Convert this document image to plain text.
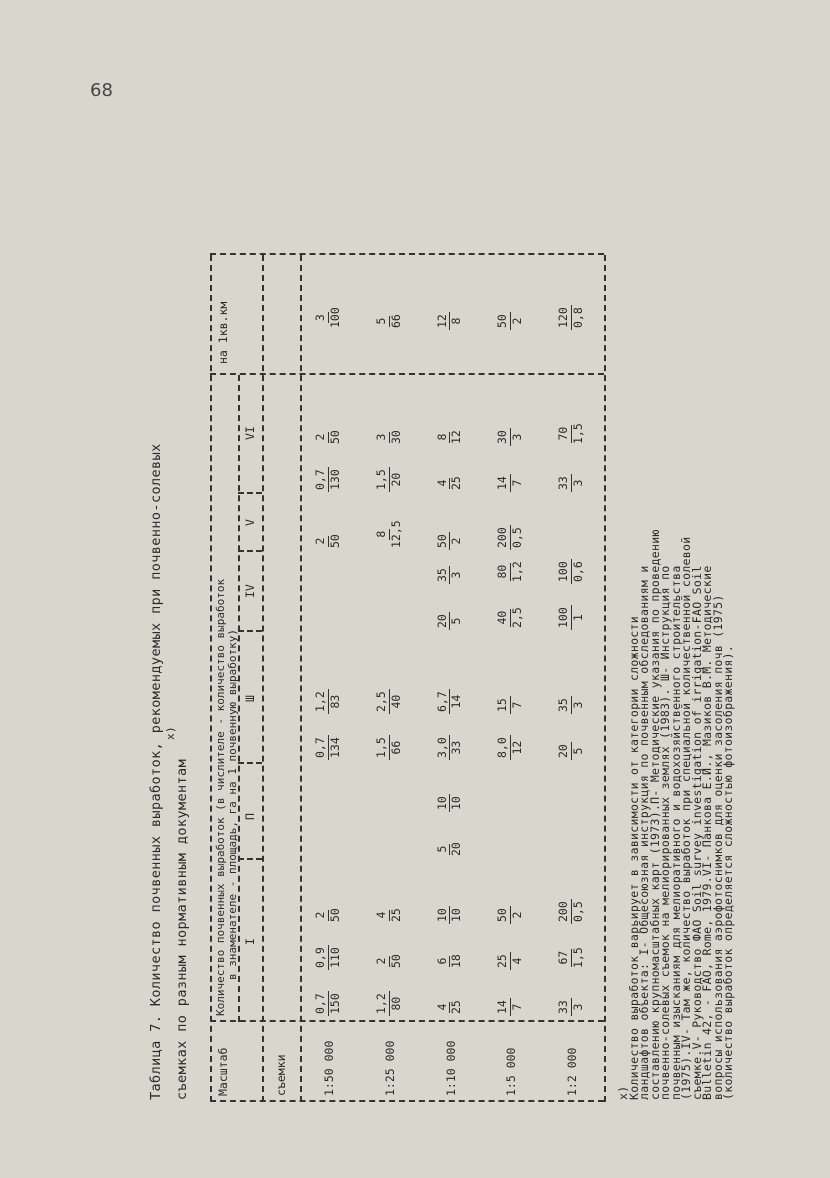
68
Таблица 7. Количество почвенных выработок, рекомендуемых при почвенно-солевых съемках по разным нормативным документам
x)
Масштаб	съемки
Количество почвенных выработок (в числителе - количество выработок в знаменателе - площадь, га на 1 почвенную выработку)
на 1кв.км
I
П
Ш
IV
V
VI
1:50 000
0,7 150
0,9 110
2 50
0,7 134
1,2 83
2 50
0,7 130
2 50
3 100
1:25 000
1,2 80
2 50
4 25
1,5 66
2,5 40
8 12,5
1,5 20
3 30
5 66
1:10 000
4 25
6 18
10 10
5 20
10 10
3,0 33
6,7 14
20 5
35 3
50 2
4 25
8 12
12 8
1:5 000
14 7
25 4
50 2
8,0 12
15 7
40 2,5
80 1,2
200 0,5
14 7
30 3
50 2
1:2 000
33 3
67 1,5
200 0,5
20 5
35 3
100 1
100 0,6
33 3
70 1,5
120 0,8
x)
Количество выработок варьирует в зависимости от категории сложности
ландшафтов объекта: I- Общесоюзная инструкция по почвенным обследованиям и
составлению крупномасштабных карт (1973).П- Методические указания по проведению
почвенно-солевых съемок на мелиорированных землях (1983). Ш- Инструкция по
почвенным изысканиям для мелиоративного и водохозяйственного строительства
(1975).IV- Там же, количество выработок при специальной количественной солевой
съемке.V- Руководство ФАО Soil survey investigation of irrigation-FAO Soil
Bulletin 42, - FAO, Rome, 1979.VI- Панкова Е.И., Мазиков В.М. Методические
вопросы использования аэрофотоснимков для оценки засоления почв (1975)
(количество выработок определяется сложностью фотоизображения).
